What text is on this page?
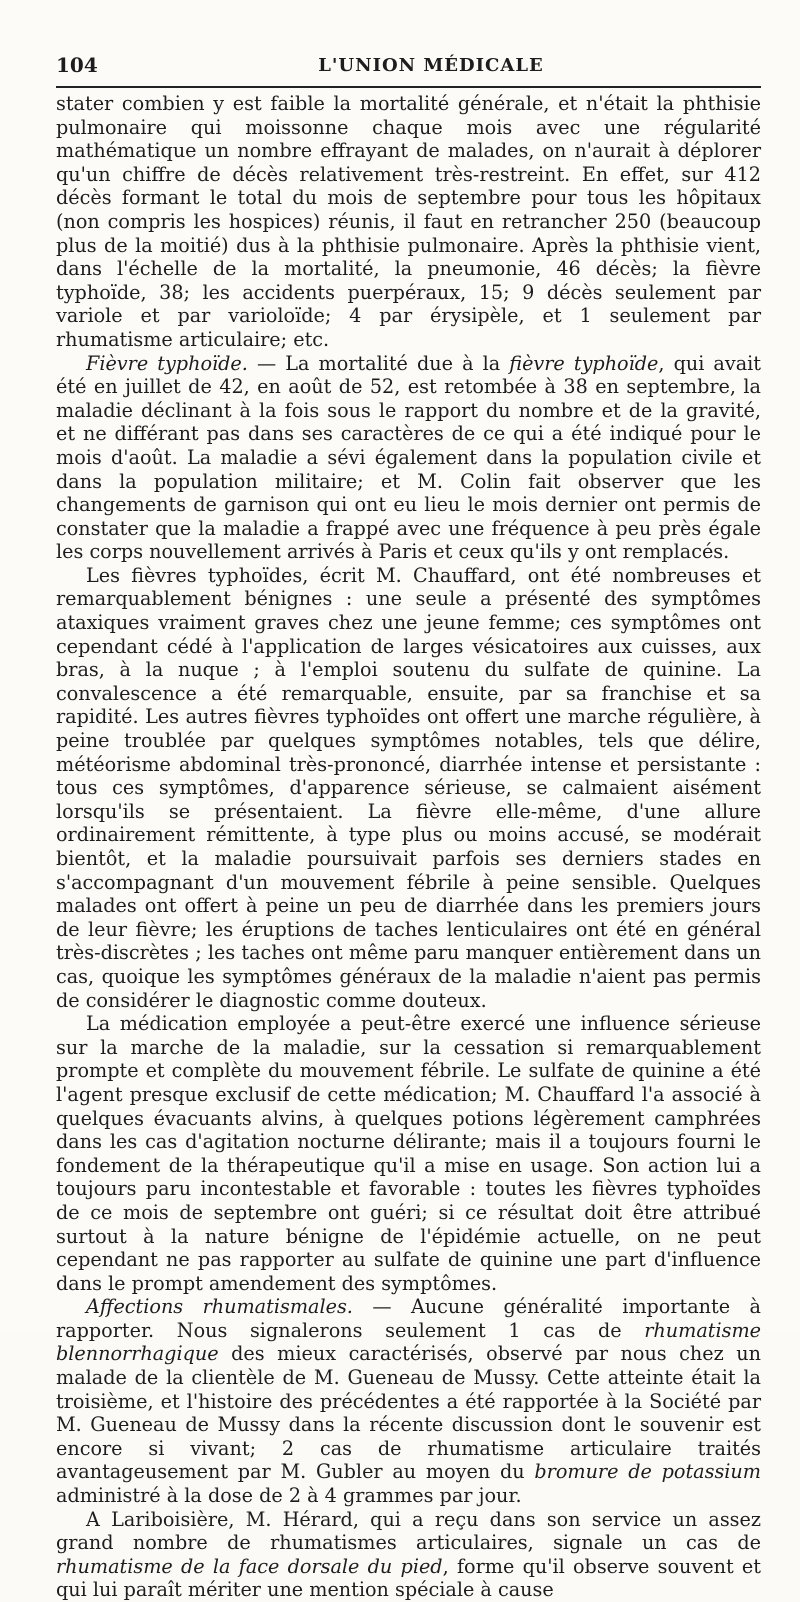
104	L'UNION MÉDICALE

stater combien y est faible la mortalité générale, et n'était la phthisie pulmonaire qui moissonne chaque mois avec une régularité mathématique un nombre effrayant de malades, on n'aurait à déplorer qu'un chiffre de décès relativement très-restreint. En effet, sur 412 décès formant le total du mois de septembre pour tous les hôpitaux (non compris les hospices) réunis, il faut en retrancher 250 (beaucoup plus de la moitié) dus à la phthisie pulmonaire. Après la phthisie vient, dans l'échelle de la mortalité, la pneumonie, 46 décès; la fièvre typhoïde, 38; les accidents puerpéraux, 15; 9 décès seulement par variole et par varioloïde; 4 par érysipèle, et 1 seulement par rhumatisme articulaire; etc.

Fièvre typhoïde. — La mortalité due à la fièvre typhoïde, qui avait été en juillet de 42, en août de 52, est retombée à 38 en septembre, la maladie déclinant à la fois sous le rapport du nombre et de la gravité, et ne différant pas dans ses caractères de ce qui a été indiqué pour le mois d'août. La maladie a sévi également dans la population civile et dans la population militaire; et M. Colin fait observer que les changements de garnison qui ont eu lieu le mois dernier ont permis de constater que la maladie a frappé avec une fréquence à peu près égale les corps nouvellement arrivés à Paris et ceux qu'ils y ont remplacés.

Les fièvres typhoïdes, écrit M. Chauffard, ont été nombreuses et remarquablement bénignes : une seule a présenté des symptômes ataxiques vraiment graves chez une jeune femme; ces symptômes ont cependant cédé à l'application de larges vésicatoires aux cuisses, aux bras, à la nuque ; à l'emploi soutenu du sulfate de quinine. La convalescence a été remarquable, ensuite, par sa franchise et sa rapidité. Les autres fièvres typhoïdes ont offert une marche régulière, à peine troublée par quelques symptômes notables, tels que délire, météorisme abdominal très-prononcé, diarrhée intense et persistante : tous ces symptômes, d'apparence sérieuse, se calmaient aisément lorsqu'ils se présentaient. La fièvre elle-même, d'une allure ordinairement rémittente, à type plus ou moins accusé, se modérait bientôt, et la maladie poursuivait parfois ses derniers stades en s'accompagnant d'un mouvement fébrile à peine sensible. Quelques malades ont offert à peine un peu de diarrhée dans les premiers jours de leur fièvre; les éruptions de taches lenticulaires ont été en général très-discrètes ; les taches ont même paru manquer entièrement dans un cas, quoique les symptômes généraux de la maladie n'aient pas permis de considérer le diagnostic comme douteux.

La médication employée a peut-être exercé une influence sérieuse sur la marche de la maladie, sur la cessation si remarquablement prompte et complète du mouvement fébrile. Le sulfate de quinine a été l'agent presque exclusif de cette médication; M. Chauffard l'a associé à quelques évacuants alvins, à quelques potions légèrement camphrées dans les cas d'agitation nocturne délirante; mais il a toujours fourni le fondement de la thérapeutique qu'il a mise en usage. Son action lui a toujours paru incontestable et favorable : toutes les fièvres typhoïdes de ce mois de septembre ont guéri; si ce résultat doit être attribué surtout à la nature bénigne de l'épidémie actuelle, on ne peut cependant ne pas rapporter au sulfate de quinine une part d'influence dans le prompt amendement des symptômes.

Affections rhumatismales. — Aucune généralité importante à rapporter. Nous signalerons seulement 1 cas de rhumatisme blennorrhagique des mieux caractérisés, observé par nous chez un malade de la clientèle de M. Gueneau de Mussy. Cette atteinte était la troisième, et l'histoire des précédentes a été rapportée à la Société par M. Gueneau de Mussy dans la récente discussion dont le souvenir est encore si vivant; 2 cas de rhumatisme articulaire traités avantageusement par M. Gubler au moyen du bromure de potassium administré à la dose de 2 à 4 grammes par jour.

A Lariboisière, M. Hérard, qui a reçu dans son service un assez grand nombre de rhumatismes articulaires, signale un cas de rhumatisme de la face dorsale du pied, forme qu'il observe souvent et qui lui paraît mériter une mention spéciale à cause
